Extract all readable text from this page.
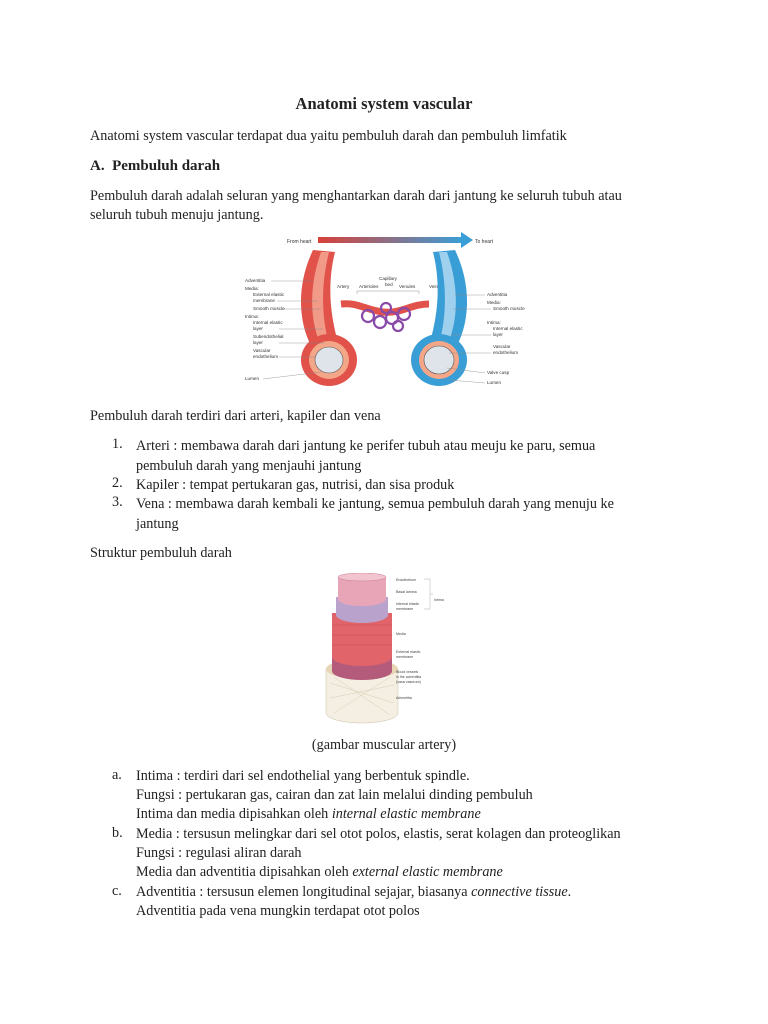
Anatomi system vascular
Anatomi system vascular terdapat dua yaitu pembuluh darah dan pembuluh limfatik
A. Pembuluh darah
Pembuluh darah adalah seluran yang menghantarkan darah dari jantung ke seluruh tubuh atau
seluruh tubuh menuju jantung.
From heart	To heart
Adventitia
Media:
External elastic
membrane
Smooth muscle
Intima:
Internal elastic
layer
Subendothelial
layer
Vascular
endothelium
Lumen
Capillary
Artery Arterioles bed Venules	Vein
Adventitia
Media:
Smooth muscle
Intima:
Internal elastic
layer
Vascular
endothelium
Valve cusp
Lumen
Pembuluh darah terdiri dari arteri, kapiler dan vena
1. Arteri : membawa darah dari jantung ke perifer tubuh atau meuju ke paru, semua
pembuluh darah yang menjauhi jantung
2. Kapiler : tempat pertukaran gas, nutrisi, dan sisa produk
3. Vena : membawa darah kembali ke jantung, semua pembuluh darah yang menuju ke
jantung
Struktur pembuluh darah
Endothelium
Basal lamina
Internal elastic
membrane
Intima
Media
External elastic
membrane
Blood vessels
in the adventitia
(vasa vasorum)
Adventitia
(gambar muscular artery)
a. Intima : terdiri dari sel endothelial yang berbentuk spindle.
Fungsi : pertukaran gas, cairan dan zat lain melalui dinding pembuluh
Intima dan media dipisahkan oleh internal elastic membrane
b. Media : tersusun melingkar dari sel otot polos, elastis, serat kolagen dan proteoglikan
Fungsi : regulasi aliran darah
Media dan adventitia dipisahkan oleh external elastic membrane
c. Adventitia : tersusun elemen longitudinal sejajar, biasanya connective tissue.
Adventitia pada vena mungkin terdapat otot polos
